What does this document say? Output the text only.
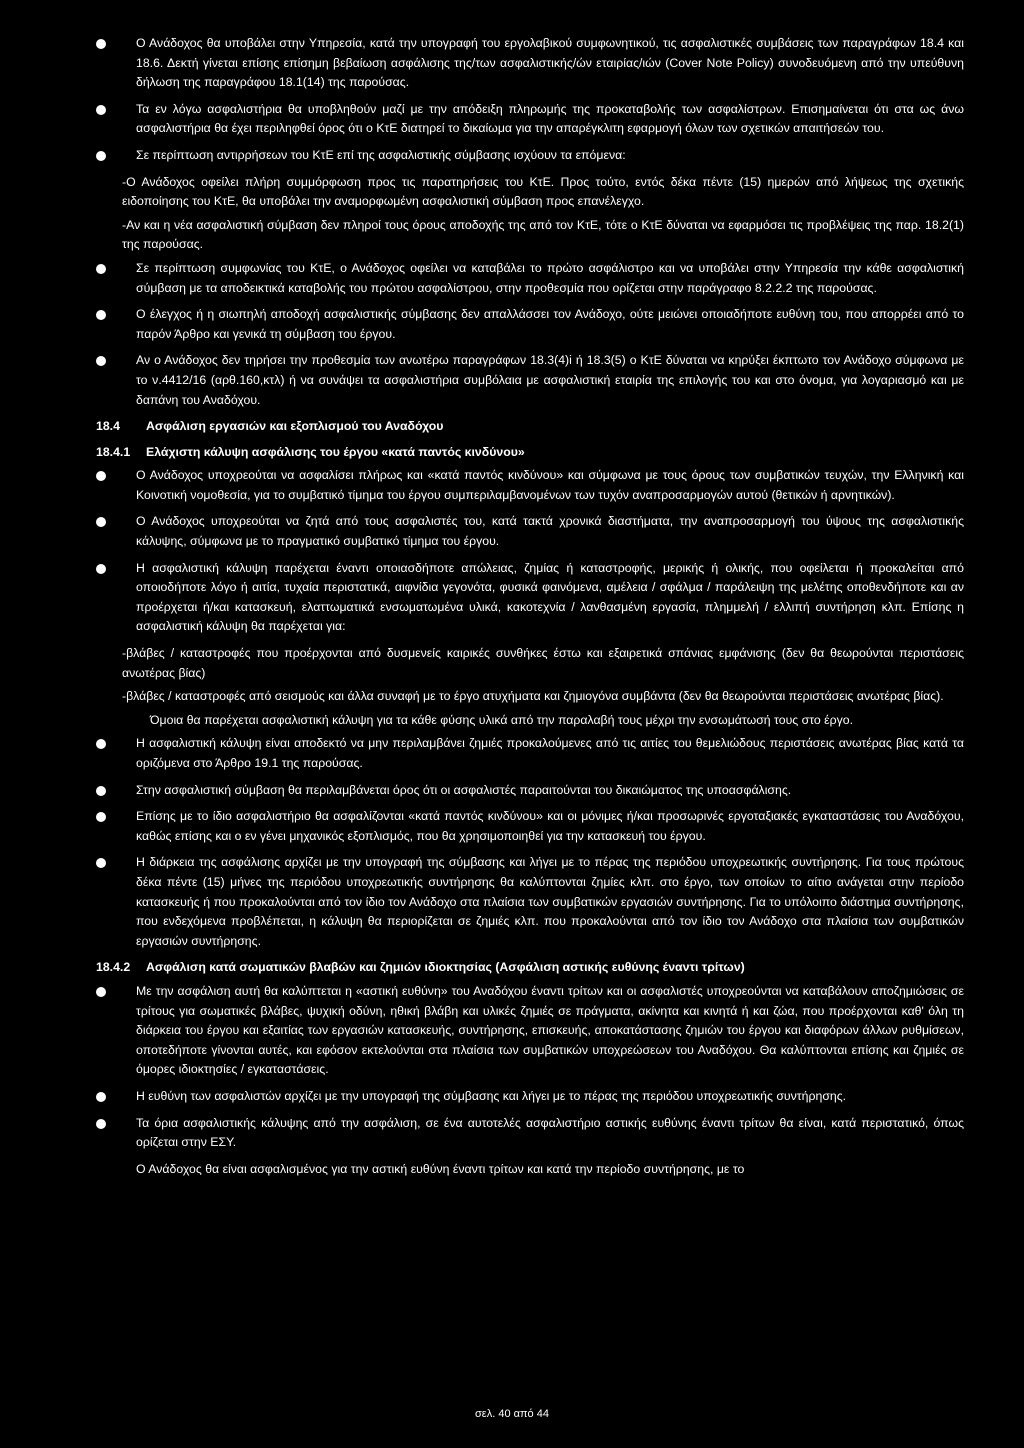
Ο Ανάδοχος θα υποβάλει στην Υπηρεσία, κατά την υπογραφή του εργολαβικού συμφωνητικού, τις ασφαλιστικές συμβάσεις των παραγράφων 18.4 και 18.6. Δεκτή γίνεται επίσης επίσημη βεβαίωση ασφάλισης της/των ασφαλιστικής/ών εταιρίας/ιών (Cover Note Policy) συνοδευόμενη από την υπεύθυνη δήλωση της παραγράφου 18.1(14) της παρούσας.

Τα εν λόγω ασφαλιστήρια θα υποβληθούν μαζί με την απόδειξη πληρωμής της προκαταβολής των ασφαλίστρων. Επισημαίνεται ότι στα ως άνω ασφαλιστήρια θα έχει περιληφθεί όρος ότι ο ΚτΕ διατηρεί το δικαίωμα για την απαρέγκλιτη εφαρμογή όλων των σχετικών απαιτήσεών του.

Σε περίπτωση αντιρρήσεων του ΚτΕ επί της ασφαλιστικής σύμβασης ισχύουν τα επόμενα:

-Ο Ανάδοχος οφείλει πλήρη συμμόρφωση προς τις παρατηρήσεις του ΚτΕ. Προς τούτο, εντός δέκα πέντε (15) ημερών από λήψεως της σχετικής ειδοποίησης του ΚτΕ, θα υποβάλει την αναμορφωμένη ασφαλιστική σύμβαση προς επανέλεγχο.
-Αν και η νέα ασφαλιστική σύμβαση δεν πληροί τους όρους αποδοχής της από τον ΚτΕ, τότε ο ΚτΕ δύναται να εφαρμόσει τις προβλέψεις της παρ. 18.2(1) της παρούσας.

Σε περίπτωση συμφωνίας του ΚτΕ, ο Ανάδοχος οφείλει να καταβάλει το πρώτο ασφάλιστρο και να υποβάλει στην Υπηρεσία την κάθε ασφαλιστική σύμβαση με τα αποδεικτικά καταβολής του πρώτου ασφαλίστρου, στην προθεσμία που ορίζεται στην παράγραφο 8.2.2.2 της παρούσας.

Ο έλεγχος ή η σιωπηλή αποδοχή ασφαλιστικής σύμβασης δεν απαλλάσσει τον Ανάδοχο, ούτε μειώνει οποιαδήποτε ευθύνη του, που απορρέει από το παρόν Άρθρο και γενικά τη σύμβαση του έργου.

Αν ο Ανάδοχος δεν τηρήσει την προθεσμία των ανωτέρω παραγράφων 18.3(4)i ή 18.3(5) ο ΚτΕ δύναται να κηρύξει έκπτωτο τον Ανάδοχο σύμφωνα με το ν.4412/16 (αρθ.160,κτλ) ή να συνάψει τα ασφαλιστήρια συμβόλαια με ασφαλιστική εταιρία της επιλογής του και στο όνομα, για λογαριασμό και με δαπάνη του Αναδόχου.

18.4 Ασφάλιση εργασιών και εξοπλισμού του Αναδόχου
18.4.1 Ελάχιστη κάλυψη ασφάλισης του έργου «κατά παντός κινδύνου»

Ο Ανάδοχος υποχρεούται να ασφαλίσει πλήρως και «κατά παντός κινδύνου» και σύμφωνα με τους όρους των συμβατικών τευχών, την Ελληνική και Κοινοτική νομοθεσία, για το συμβατικό τίμημα του έργου συμπεριλαμβανομένων των τυχόν αναπροσαρμογών αυτού (θετικών ή αρνητικών).

Ο Ανάδοχος υποχρεούται να ζητά από τους ασφαλιστές του, κατά τακτά χρονικά διαστήματα, την αναπροσαρμογή του ύψους της ασφαλιστικής κάλυψης, σύμφωνα με το πραγματικό συμβατικό τίμημα του έργου.

Η ασφαλιστική κάλυψη παρέχεται έναντι οποιασδήποτε απώλειας, ζημίας ή καταστροφής, μερικής ή ολικής, που οφείλεται ή προκαλείται από οποιοδήποτε λόγο ή αιτία, τυχαία περιστατικά, αιφνίδια γεγονότα, φυσικά φαινόμενα, αμέλεια / σφάλμα / παράλειψη της μελέτης οποθενδήποτε και αν προέρχεται ή/και κατασκευή, ελαττωματικά ενσωματωμένα υλικά, κακοτεχνία / λανθασμένη εργασία, πλημμελή / ελλιπή συντήρηση κλπ. Επίσης η ασφαλιστική κάλυψη θα παρέχεται για:

-βλάβες / καταστροφές που προέρχονται από δυσμενείς καιρικές συνθήκες έστω και εξαιρετικά σπάνιας εμφάνισης (δεν θα θεωρούνται περιστάσεις ανωτέρας βίας)
-βλάβες / καταστροφές από σεισμούς και άλλα συναφή με το έργο ατυχήματα και ζημιογόνα συμβάντα (δεν θα θεωρούνται περιστάσεις ανωτέρας βίας).
Όμοια θα παρέχεται ασφαλιστική κάλυψη για τα κάθε φύσης υλικά από την παραλαβή τους μέχρι την ενσωμάτωσή τους στο έργο.

Η ασφαλιστική κάλυψη είναι αποδεκτό να μην περιλαμβάνει ζημιές προκαλούμενες από τις αιτίες του θεμελιώδους περιστάσεις ανωτέρας βίας κατά τα οριζόμενα στο Άρθρο 19.1 της παρούσας.

Στην ασφαλιστική σύμβαση θα περιλαμβάνεται όρος ότι οι ασφαλιστές παραιτούνται του δικαιώματος της υποασφάλισης.

Επίσης με το ίδιο ασφαλιστήριο θα ασφαλίζονται «κατά παντός κινδύνου» και οι μόνιμες ή/και προσωρινές εργοταξιακές εγκαταστάσεις του Αναδόχου, καθώς επίσης και ο εν γένει μηχανικός εξοπλισμός, που θα χρησιμοποιηθεί για την κατασκευή του έργου.

Η διάρκεια της ασφάλισης αρχίζει με την υπογραφή της σύμβασης και λήγει με το πέρας της περιόδου υποχρεωτικής συντήρησης. Για τους πρώτους δέκα πέντε (15) μήνες της περιόδου υποχρεωτικής συντήρησης θα καλύπτονται ζημίες κλπ. στο έργο, των οποίων το αίτιο ανάγεται στην περίοδο κατασκευής ή που προκαλούνται από τον ίδιο τον Ανάδοχο στα πλαίσια των συμβατικών εργασιών συντήρησης. Για το υπόλοιπο διάστημα συντήρησης, που ενδεχόμενα προβλέπεται, η κάλυψη θα περιορίζεται σε ζημιές κλπ. που προκαλούνται από τον ίδιο τον Ανάδοχο στα πλαίσια των συμβατικών εργασιών συντήρησης.

18.4.2 Ασφάλιση κατά σωματικών βλαβών και ζημιών ιδιοκτησίας (Ασφάλιση αστικής ευθύνης έναντι τρίτων)

Με την ασφάλιση αυτή θα καλύπτεται η «αστική ευθύνη» του Αναδόχου έναντι τρίτων και οι ασφαλιστές υποχρεούνται να καταβάλουν αποζημιώσεις σε τρίτους για σωματικές βλάβες, ψυχική οδύνη, ηθική βλάβη και υλικές ζημιές σε πράγματα, ακίνητα και κινητά ή και ζώα, που προέρχονται καθ' όλη τη διάρκεια του έργου και εξαιτίας των εργασιών κατασκευής, συντήρησης, επισκευής, αποκατάστασης ζημιών του έργου και διαφόρων άλλων ρυθμίσεων, οποτεδήποτε γίνονται αυτές, και εφόσον εκτελούνται στα πλαίσια των συμβατικών υποχρεώσεων του Αναδόχου. Θα καλύπτονται επίσης και ζημιές σε όμορες ιδιοκτησίες / εγκαταστάσεις.

Η ευθύνη των ασφαλιστών αρχίζει με την υπογραφή της σύμβασης και λήγει με το πέρας της περιόδου υποχρεωτικής συντήρησης.

Τα όρια ασφαλιστικής κάλυψης από την ασφάλιση, σε ένα αυτοτελές ασφαλιστήριο αστικής ευθύνης έναντι τρίτων θα είναι, κατά περιστατικό, όπως ορίζεται στην ΕΣΥ.

Ο Ανάδοχος θα είναι ασφαλισμένος για την αστική ευθύνη έναντι τρίτων και κατά την περίοδο συντήρησης, με το
σελ. 40 από 44
